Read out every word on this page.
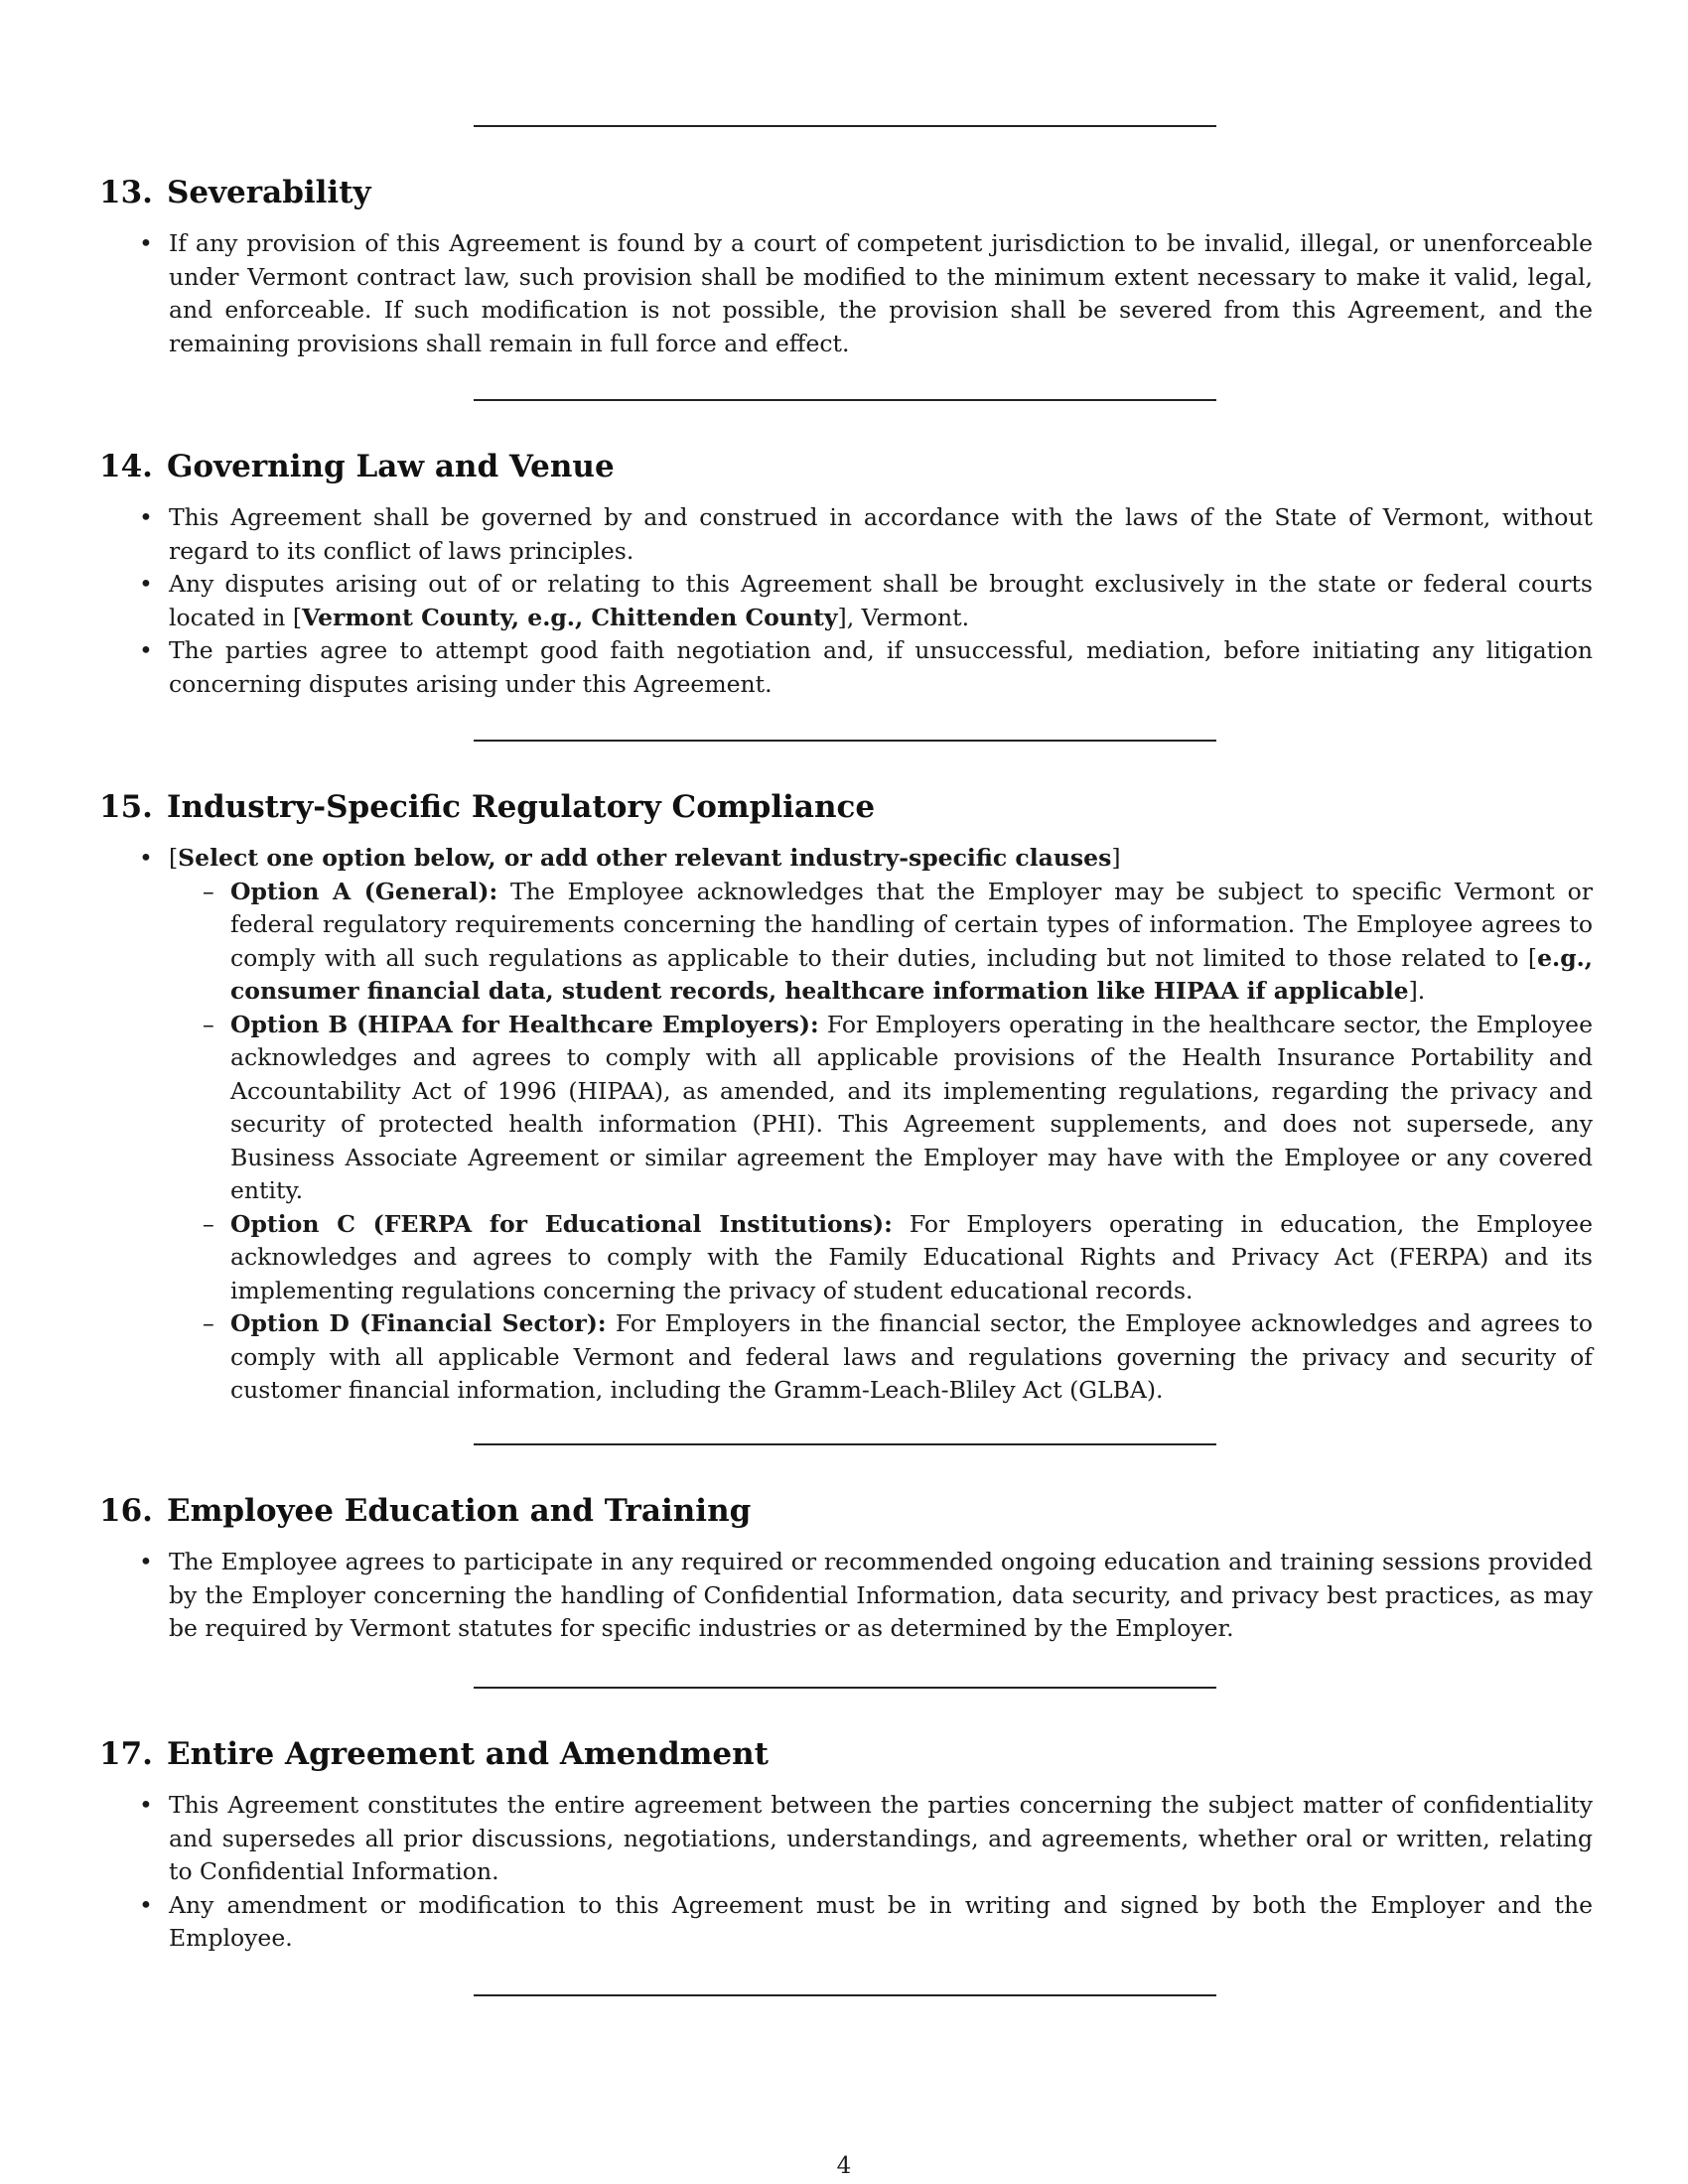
13. Severability
• If any provision of this Agreement is found by a court of competent jurisdiction to be invalid, illegal, or unenforceable under Vermont contract law, such provision shall be modified to the minimum extent necessary to make it valid, legal, and enforceable. If such modification is not possible, the provision shall be severed from this Agreement, and the remaining provisions shall remain in full force and effect.
14. Governing Law and Venue
• This Agreement shall be governed by and construed in accordance with the laws of the State of Vermont, without regard to its conflict of laws principles.
• Any disputes arising out of or relating to this Agreement shall be brought exclusively in the state or federal courts located in [Vermont County, e.g., Chittenden County], Vermont.
• The parties agree to attempt good faith negotiation and, if unsuccessful, mediation, before initiating any litigation concerning disputes arising under this Agreement.
15. Industry-Specific Regulatory Compliance
• [Select one option below, or add other relevant industry-specific clauses]
– Option A (General): The Employee acknowledges that the Employer may be subject to specific Vermont or federal regulatory requirements concerning the handling of certain types of information. The Employee agrees to comply with all such regulations as applicable to their duties, including but not limited to those related to [e.g., consumer financial data, student records, healthcare information like HIPAA if applicable].
– Option B (HIPAA for Healthcare Employers): For Employers operating in the healthcare sector, the Employee acknowledges and agrees to comply with all applicable provisions of the Health Insurance Portability and Accountability Act of 1996 (HIPAA), as amended, and its implementing regulations, regarding the privacy and security of protected health information (PHI). This Agreement supplements, and does not supersede, any Business Associate Agreement or similar agreement the Employer may have with the Employee or any covered entity.
– Option C (FERPA for Educational Institutions): For Employers operating in education, the Employee acknowledges and agrees to comply with the Family Educational Rights and Privacy Act (FERPA) and its implementing regulations concerning the privacy of student educational records.
– Option D (Financial Sector): For Employers in the financial sector, the Employee acknowledges and agrees to comply with all applicable Vermont and federal laws and regulations governing the privacy and security of customer financial information, including the Gramm-Leach-Bliley Act (GLBA).
16. Employee Education and Training
• The Employee agrees to participate in any required or recommended ongoing education and training sessions provided by the Employer concerning the handling of Confidential Information, data security, and privacy best practices, as may be required by Vermont statutes for specific industries or as determined by the Employer.
17. Entire Agreement and Amendment
• This Agreement constitutes the entire agreement between the parties concerning the subject matter of confidentiality and supersedes all prior discussions, negotiations, understandings, and agreements, whether oral or written, relating to Confidential Information.
• Any amendment or modification to this Agreement must be in writing and signed by both the Employer and the Employee.
4
